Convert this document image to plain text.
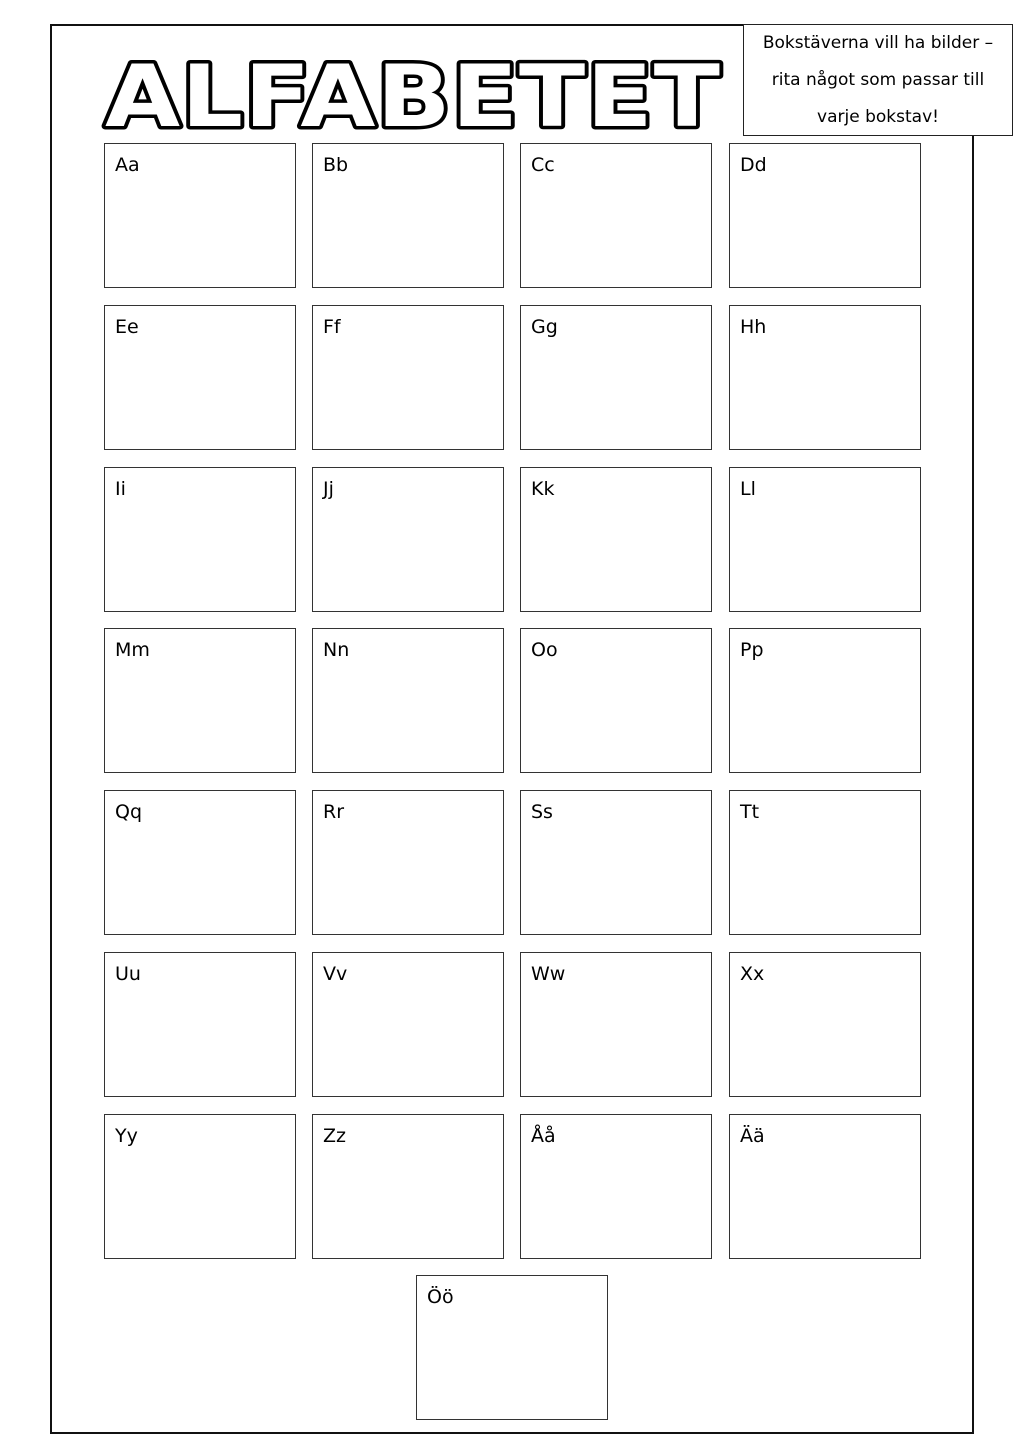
ALFABETET

Bokstäverna vill ha bilder – rita något som passar till varje bokstav!

Aa	Bb	Cc	Dd
Ee	Ff	Gg	Hh
Ii	Jj	Kk	Ll
Mm	Nn	Oo	Pp
Qq	Rr	Ss	Tt
Uu	Vv	Ww	Xx
Yy	Zz	Åå	Ää
Öö
